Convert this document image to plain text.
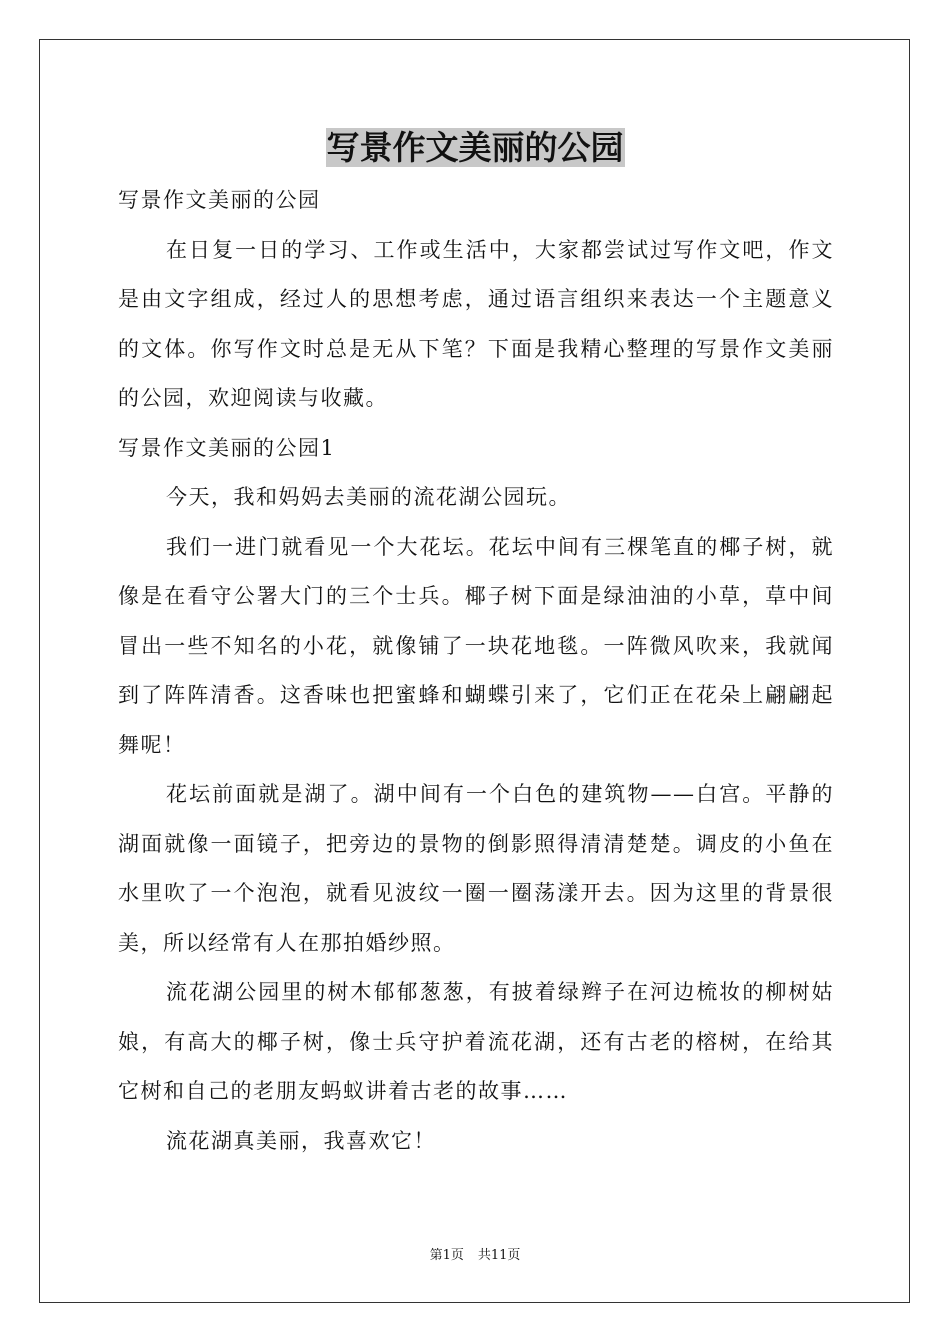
写景作文美丽的公园

写景作文美丽的公园

在日复一日的学习、工作或生活中，大家都尝试过写作文吧，作文是由文字组成，经过人的思想考虑，通过语言组织来表达一个主题意义的文体。你写作文时总是无从下笔？下面是我精心整理的写景作文美丽的公园，欢迎阅读与收藏。

写景作文美丽的公园1

今天，我和妈妈去美丽的流花湖公园玩。

我们一进门就看见一个大花坛。花坛中间有三棵笔直的椰子树，就像是在看守公署大门的三个士兵。椰子树下面是绿油油的小草，草中间冒出一些不知名的小花，就像铺了一块花地毯。一阵微风吹来，我就闻到了阵阵清香。这香味也把蜜蜂和蝴蝶引来了，它们正在花朵上翩翩起舞呢！

花坛前面就是湖了。湖中间有一个白色的建筑物——白宫。平静的湖面就像一面镜子，把旁边的景物的倒影照得清清楚楚。调皮的小鱼在水里吹了一个泡泡，就看见波纹一圈一圈荡漾开去。因为这里的背景很美，所以经常有人在那拍婚纱照。

流花湖公园里的树木郁郁葱葱，有披着绿辫子在河边梳妆的柳树姑娘，有高大的椰子树，像士兵守护着流花湖，还有古老的榕树，在给其它树和自己的老朋友蚂蚁讲着古老的故事……

流花湖真美丽，我喜欢它！

第1页 共11页
